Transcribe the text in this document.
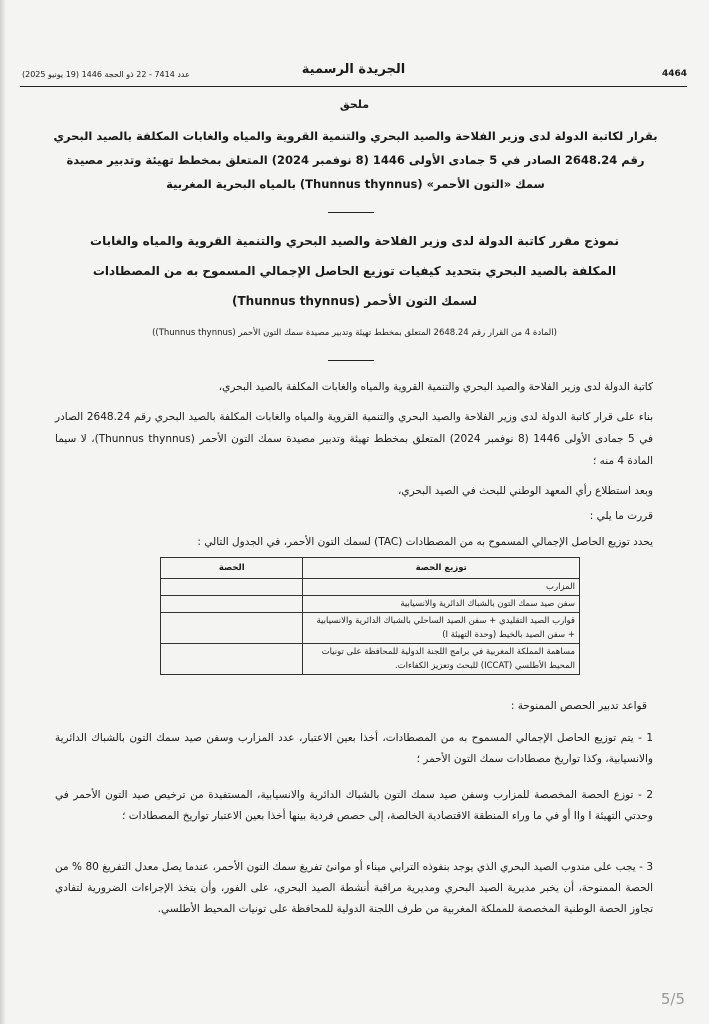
عدد 7414 - 22 ذو الحجة 1446 (19 يونيو 2025)	الجريدة الرسمية	4464
ملحق
بقرار لكاتبة الدولة لدى وزير الفلاحة والصيد البحري والتنمية القروية والمياه والغابات المكلفة بالصيد البحري رقم 2648.24 الصادر في 5 جمادى الأولى 1446 (8 نوفمبر 2024) المتعلق بمخطط تهيئة وتدبير مصيدة سمك «التون الأحمر» (Thunnus thynnus) بالمياه البحرية المغربية
نموذج مقرر كاتبة الدولة لدى وزير الفلاحة والصيد البحري والتنمية القروية والمياه والغابات
المكلفة بالصيد البحري بتحديد كيفيات توزيع الحاصل الإجمالي المسموح به من المصطادات
لسمك التون الأحمر (Thunnus thynnus)
(المادة 4 من القرار رقم 2648.24 المتعلق بمخطط تهيئة وتدبير مصيدة سمك التون الأحمر (Thunnus thynnus))
كاتبة الدولة لدى وزير الفلاحة والصيد البحري والتنمية القروية والمياه والغابات المكلفة بالصيد البحري،
بناء على قرار كاتبة الدولة لدى وزير الفلاحة والصيد البحري والتنمية القروية والمياه والغابات المكلفة بالصيد البحري رقم 2648.24 الصادر في 5 جمادى الأولى 1446 (8 نوفمبر 2024) المتعلق بمخطط تهيئة وتدبير مصيدة سمك التون الأحمر (Thunnus thynnus)، لا سيما المادة 4 منه ؛
وبعد استطلاع رأي المعهد الوطني للبحث في الصيد البحري،
قررت ما يلي :
يحدد توزيع الحاصل الإجمالي المسموح به من المصطادات (TAC) لسمك التون الأحمر، في الجدول التالي :
توزيع الحصة	الحصة
المزارب	
سفن صيد سمك التون بالشباك الدائرية والانسيابية	
قوارب الصيد التقليدي + سفن الصيد الساحلي بالشباك الدائرية والانسيابية + سفن الصيد بالخيط (وحدة التهيئة I)	
مساهمة المملكة المغربية في برامج اللجنة الدولية للمحافظة على تونيات المحيط الأطلسي (ICCAT) للبحث وتعزيز الكفاءات.	
قواعد تدبير الحصص الممنوحة :
1 - يتم توزيع الحاصل الإجمالي المسموح به من المصطادات، أخذا بعين الاعتبار، عدد المزارب وسفن صيد سمك التون بالشباك الدائرية والانسيابية، وكذا تواريخ مصطادات سمك التون الأحمر ؛
2 - توزع الحصة المخصصة للمزارب وسفن صيد سمك التون بالشباك الدائرية والانسيابية، المستفيدة من ترخيص صيد التون الأحمر في وحدتي التهيئة I وII أو في ما وراء المنطقة الاقتصادية الخالصة، إلى حصص فردية بينها أخذا بعين الاعتبار تواريخ المصطادات ؛
3 - يجب على مندوب الصيد البحري الذي يوجد بنفوذه الترابي ميناء أو موانئ تفريغ سمك التون الأحمر، عندما يصل معدل التفريغ 80 % من الحصة الممنوحة، أن يخبر مديرية الصيد البحري ومديرية مراقبة أنشطة الصيد البحري، على الفور، وأن يتخذ الإجراءات الضرورية لتفادي تجاوز الحصة الوطنية المخصصة للمملكة المغربية من طرف اللجنة الدولية للمحافظة على تونيات المحيط الأطلسي.
5/5
